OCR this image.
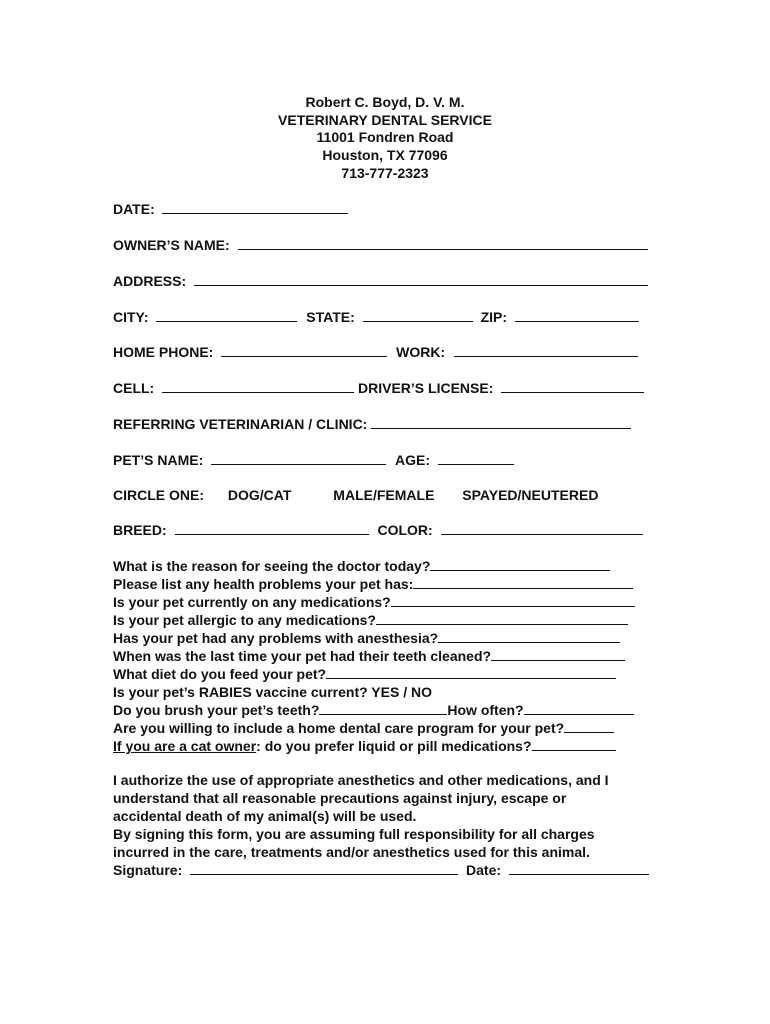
Robert C. Boyd, D. V. M.
VETERINARY DENTAL SERVICE
11001 Fondren Road
Houston, TX 77096
713-777-2323
DATE:
OWNER’S NAME:
ADDRESS:
CITY:	STATE:	ZIP:
HOME PHONE:	WORK:
CELL:	DRIVER’S LICENSE:
REFERRING VETERINARIAN / CLINIC:
PET’S NAME:	AGE:
CIRCLE ONE: DOG/CAT	MALE/FEMALE SPAYED/NEUTERED
BREED:	COLOR:
What is the reason for seeing the doctor today?
Please list any health problems your pet has:
Is your pet currently on any medications?
Is your pet allergic to any medications?
Has your pet had any problems with anesthesia?
When was the last time your pet had their teeth cleaned?
What diet do you feed your pet?
Is your pet’s RABIES vaccine current? YES / NO
Do you brush your pet’s teeth?	How often?
Are you willing to include a home dental care program for your pet?
If you are a cat owner: do you prefer liquid or pill medications?
I authorize the use of appropriate anesthetics and other medications, and I
understand that all reasonable precautions against injury, escape or
accidental death of my animal(s) will be used.
By signing this form, you are assuming full responsibility for all charges
incurred in the care, treatments and/or anesthetics used for this animal.
Signature:	Date:
